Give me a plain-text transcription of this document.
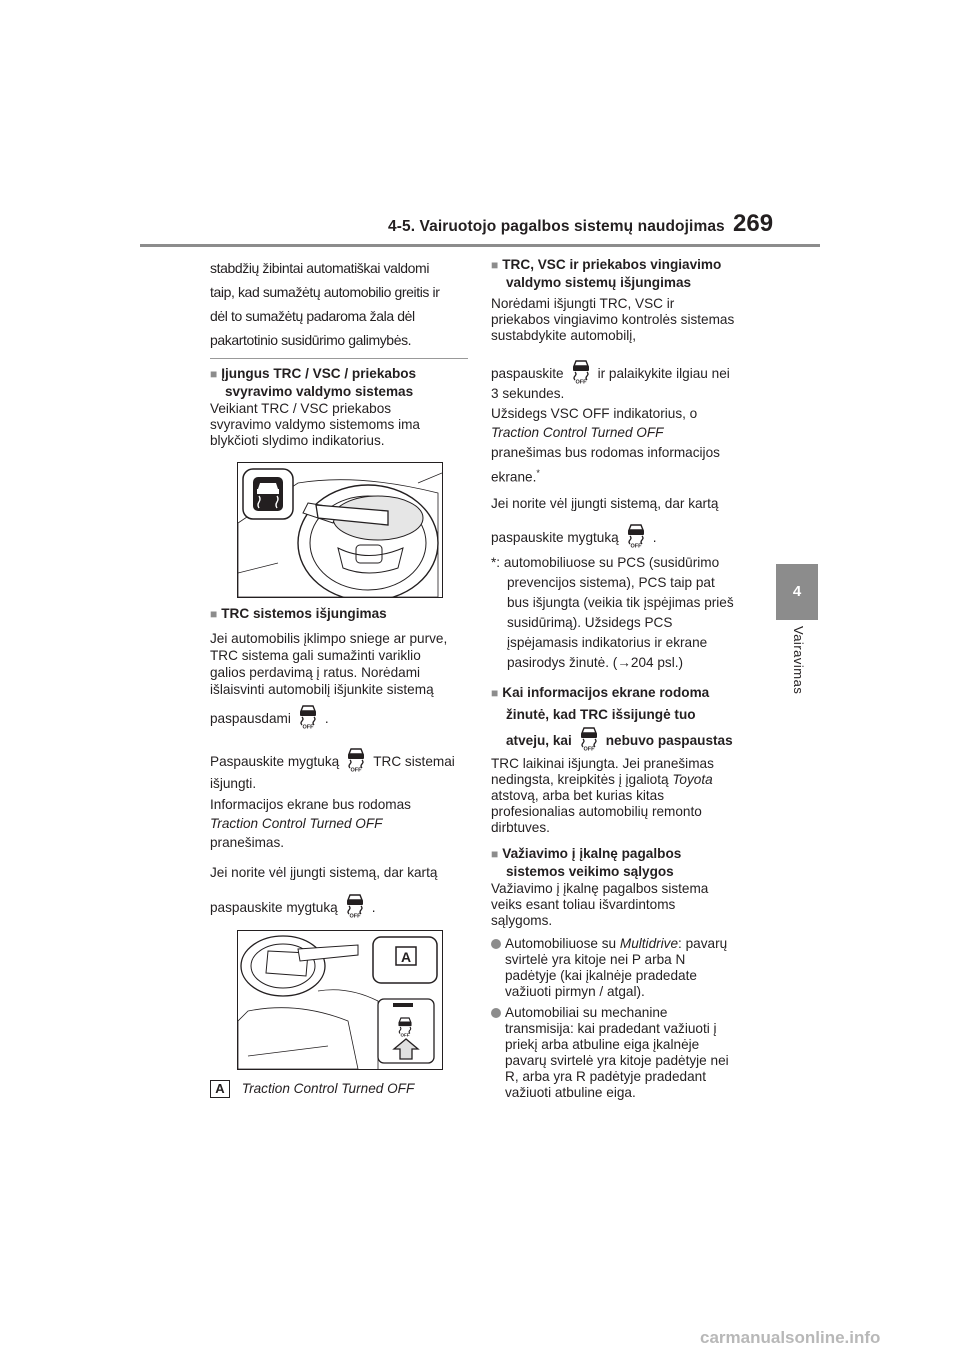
4-5. Vairuotojo pagalbos sistemų naudojimas 269
4
Vairavimas
stabdžių žibintai automatiškai valdomi
taip, kad sumažėtų automobilio greitis ir
dėl to sumažėtų padaroma žala dėl
pakartotinio susidūrimo galimybės.
■ Įjungus TRC / VSC / priekabos
svyravimo valdymo sistemas
Veikiant TRC / VSC priekabos
svyravimo valdymo sistemoms ima
blykčioti slydimo indikatorius.
■ TRC sistemos išjungimas
Jei automobilis įklimpo sniege ar purve,
TRC sistema gali sumažinti variklio
galios perdavimą į ratus. Norėdami
išlaisvinti automobilį išjunkite sistemą
paspausdami	.
Paspauskite mygtuką	TRC sistemai
išjungti.
Informacijos ekrane bus rodomas
Traction Control Turned OFF
pranešimas.
Jei norite vėl įjungti sistemą, dar kartą
paspauskite mygtuką	.
A
A Traction Control Turned OFF
■ TRC, VSC ir priekabos vingiavimo
valdymo sistemų išjungimas
Norėdami išjungti TRC, VSC ir
priekabos vingiavimo kontrolės sistemas
sustabdykite automobilį,
paspauskite	ir palaikykite ilgiau nei
3 sekundes.
Užsidegs VSC OFF indikatorius, o
Traction Control Turned OFF
pranešimas bus rodomas informacijos
ekrane.*
Jei norite vėl įjungti sistemą, dar kartą
paspauskite mygtuką	.
*: automobiliuose su PCS (susidūrimo
prevencijos sistema), PCS taip pat
bus išjungta (veikia tik įspėjimas prieš
susidūrimą). Užsidegs PCS
įspėjamasis indikatorius ir ekrane
pasirodys žinutė. (→204 psl.)
■ Kai informacijos ekrane rodoma
žinutė, kad TRC išsijungė tuo
atveju, kai	nebuvo paspaustas
TRC laikinai išjungta. Jei pranešimas
nedingsta, kreipkitės į įgaliotą Toyota
atstovą, arba bet kurias kitas
profesionalias automobilių remonto
dirbtuves.
■ Važiavimo į įkalnę pagalbos
sistemos veikimo sąlygos
Važiavimo į įkalnę pagalbos sistema
veiks esant toliau išvardintoms
sąlygoms.
Automobiliuose su Multidrive: pavarų
svirtelė yra kitoje nei P arba N
padėtyje (kai įkalnėje pradedate
važiuoti pirmyn / atgal).
Automobiliai su mechanine
transmisija: kai pradedant važiuoti į
priekį arba atbuline eiga įkalnėje
pavarų svirtelė yra kitoje padėtyje nei
R, arba yra R padėtyje pradedant
važiuoti atbuline eiga.
carmanualsonline.info
